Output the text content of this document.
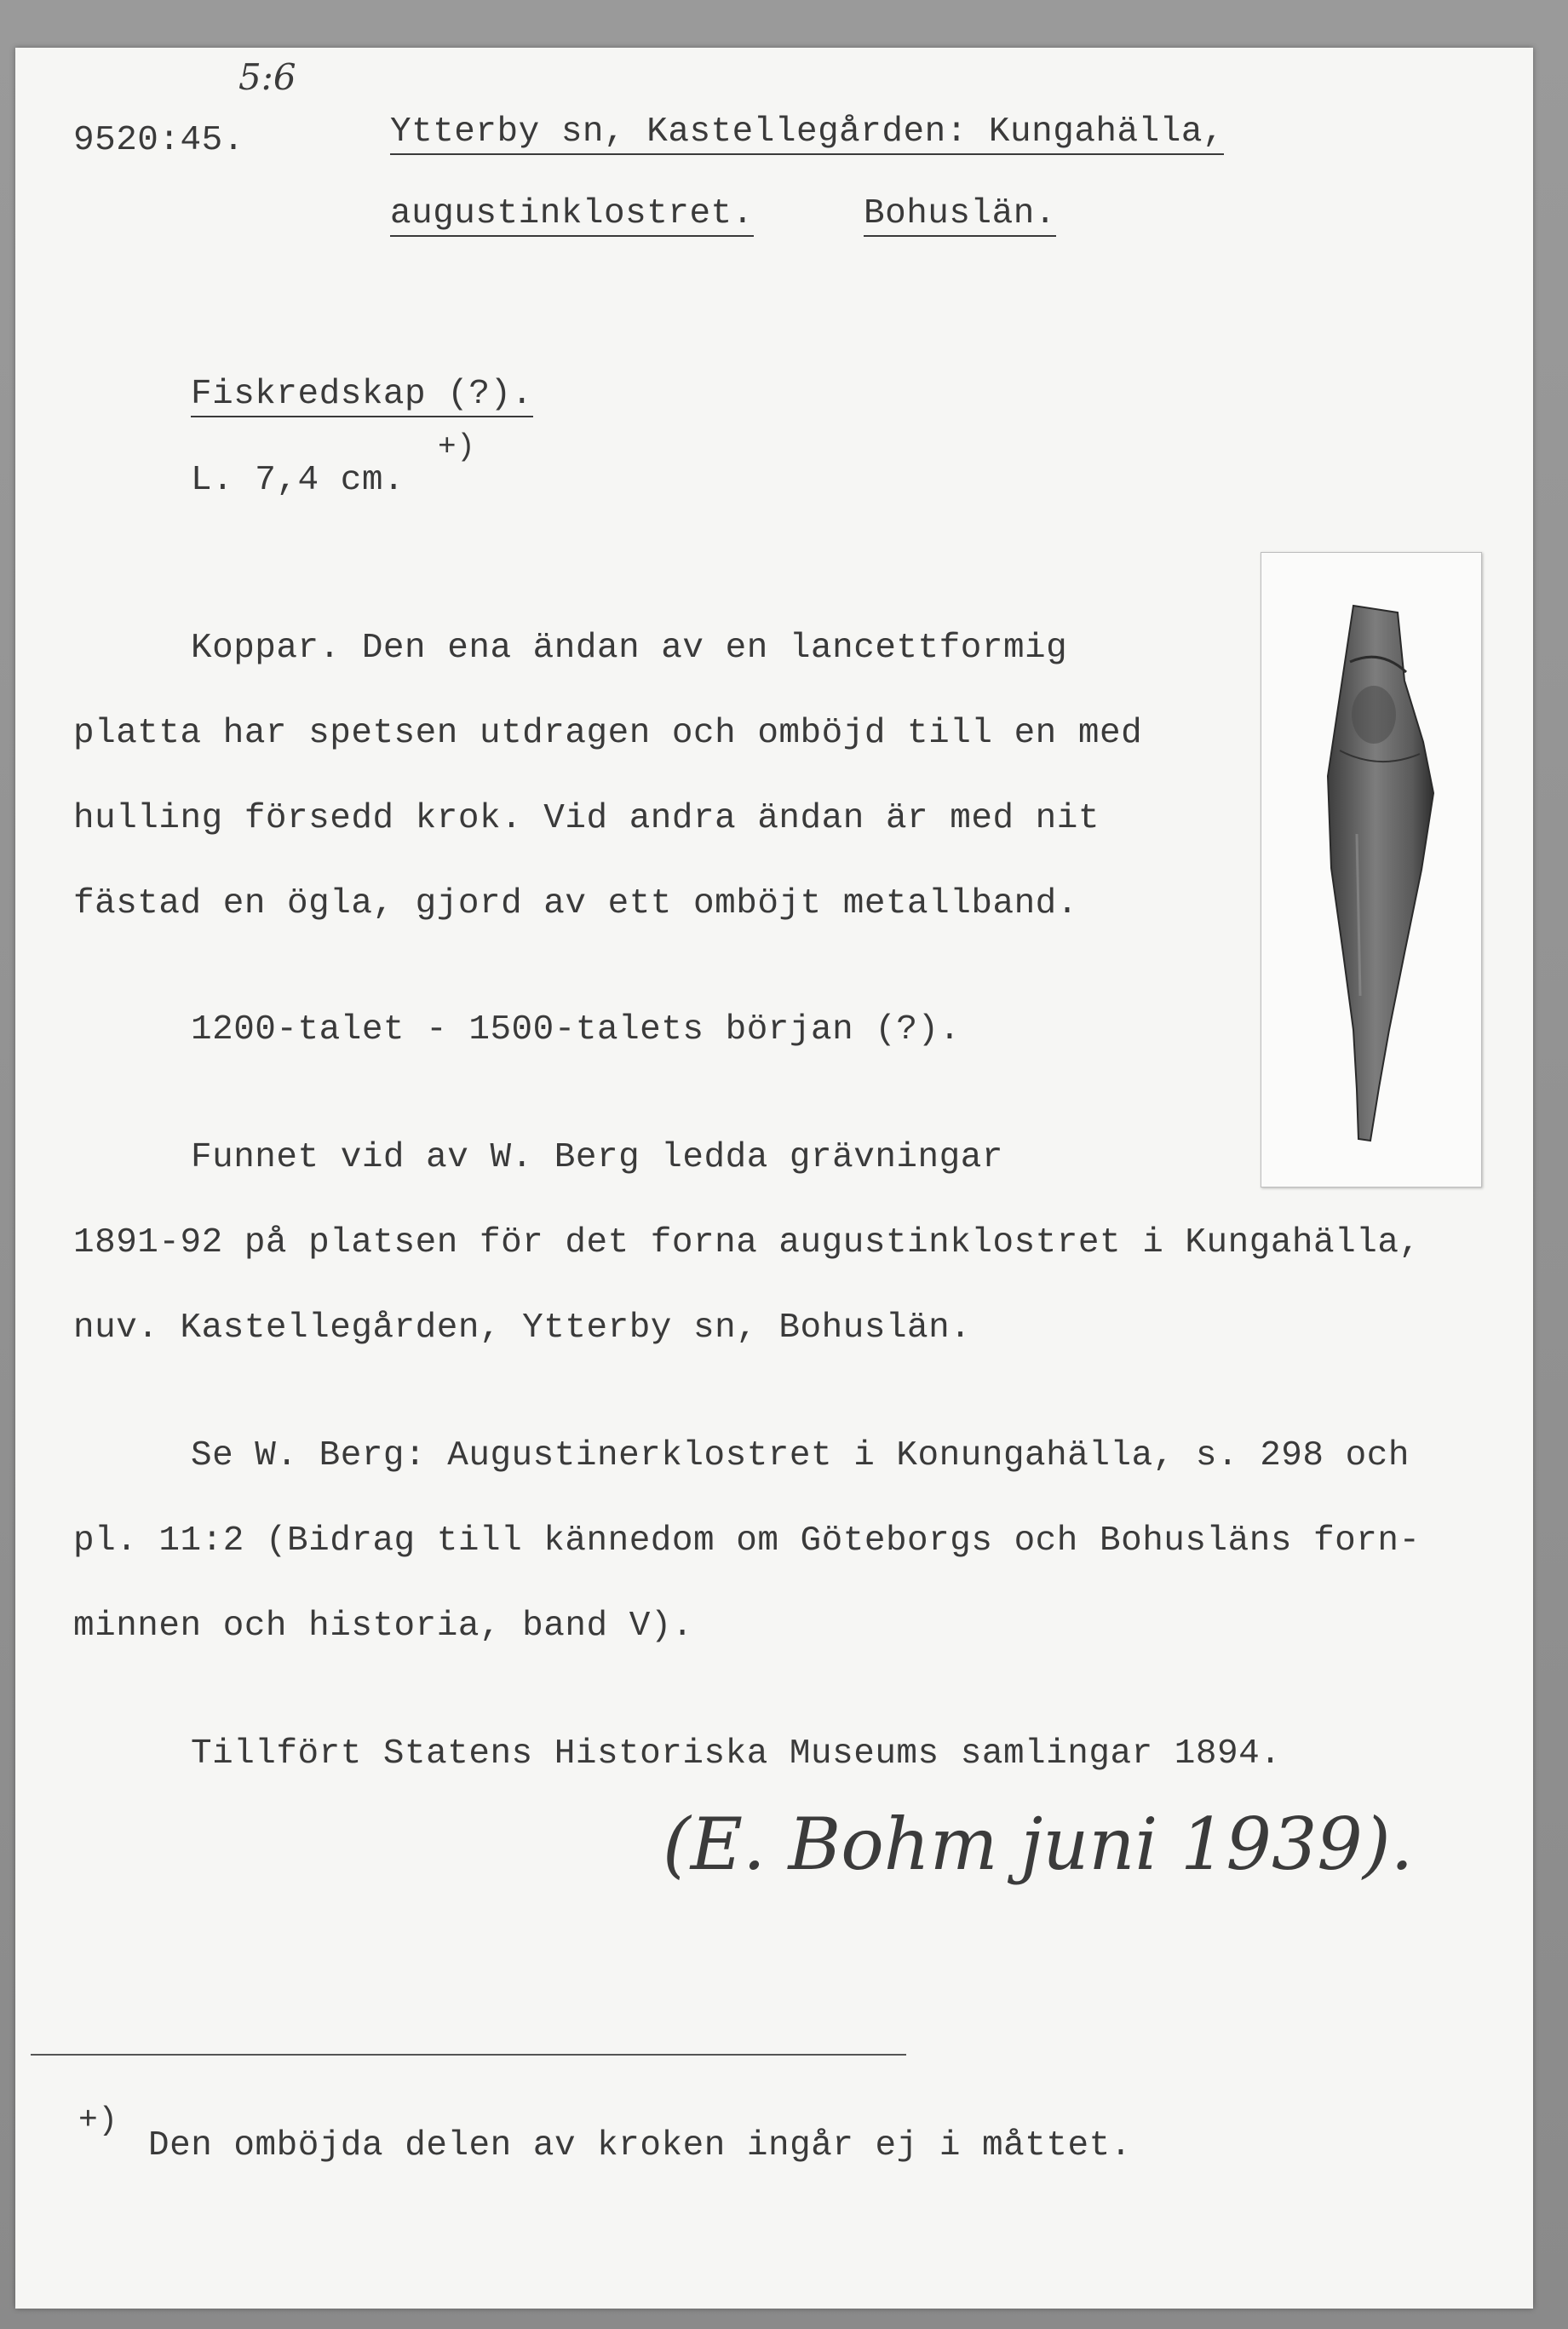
5:6
9520:45.	Ytterby sn, Kastellegården: Kungahälla,
augustinklostret.	Bohuslän.
Fiskredskap (?).
L. 7,4 cm.
+)
Koppar. Den ena ändan av en lancettformig
platta har spetsen utdragen och omböjd till en med
hulling försedd krok. Vid andra ändan är med nit
fästad en ögla, gjord av ett omböjt metallband.
1200-talet - 1500-talets början (?).
Funnet vid av W. Berg ledda grävningar
1891-92 på platsen för det forna augustinklostret i Kungahälla,
nuv. Kastellegården, Ytterby sn, Bohuslän.
Se W. Berg: Augustinerklostret i Konungahälla, s. 298 och
pl. 11:2 (Bidrag till kännedom om Göteborgs och Bohusläns forn-
minnen och historia, band V).
Tillfört Statens Historiska Museums samlingar 1894.
(E. Bohm juni 1939).
+)
Den omböjda delen av kroken ingår ej i måttet.
